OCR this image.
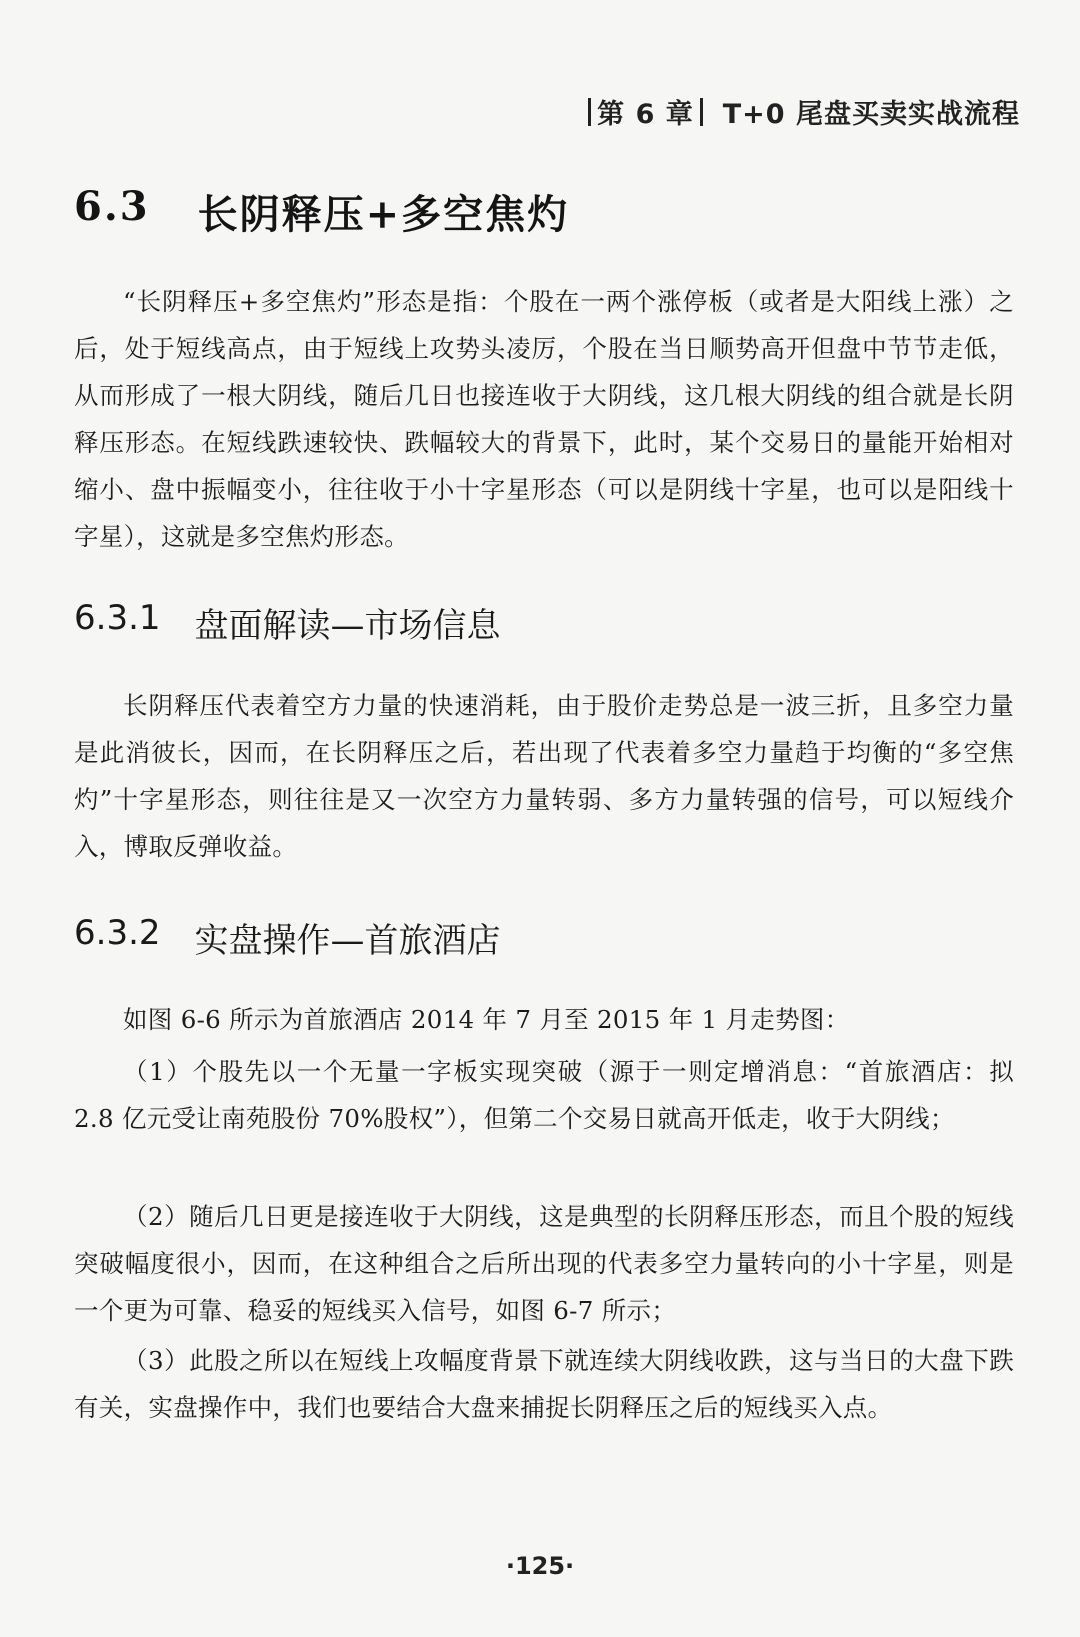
第 6 章 T+0 尾盘买卖实战流程
6.3 长阴释压+多空焦灼

“长阴释压+多空焦灼”形态是指：个股在一两个涨停板（或者是大阳线上涨）之后，处于短线高点，由于短线上攻势头凌厉，个股在当日顺势高开但盘中节节走低，从而形成了一根大阴线，随后几日也接连收于大阴线，这几根大阴线的组合就是长阴释压形态。在短线跌速较快、跌幅较大的背景下，此时，某个交易日的量能开始相对缩小、盘中振幅变小，往往收于小十字星形态（可以是阴线十字星，也可以是阳线十字星），这就是多空焦灼形态。

6.3.1 盘面解读—市场信息

长阴释压代表着空方力量的快速消耗，由于股价走势总是一波三折，且多空力量是此消彼长，因而，在长阴释压之后，若出现了代表着多空力量趋于均衡的“多空焦灼”十字星形态，则往往是又一次空方力量转弱、多方力量转强的信号，可以短线介入，博取反弹收益。

6.3.2 实盘操作—首旅酒店

如图 6-6 所示为首旅酒店 2014 年 7 月至 2015 年 1 月走势图：

（1）个股先以一个无量一字板实现突破（源于一则定增消息：“首旅酒店：拟 2.8 亿元受让南苑股份 70%股权”），但第二个交易日就高开低走，收于大阴线；

（2）随后几日更是接连收于大阴线，这是典型的长阴释压形态，而且个股的短线突破幅度很小，因而，在这种组合之后所出现的代表多空力量转向的小十字星，则是一个更为可靠、稳妥的短线买入信号，如图 6-7 所示；

（3）此股之所以在短线上攻幅度背景下就连续大阴线收跌，这与当日的大盘下跌有关，实盘操作中，我们也要结合大盘来捕捉长阴释压之后的短线买入点。

·125·
